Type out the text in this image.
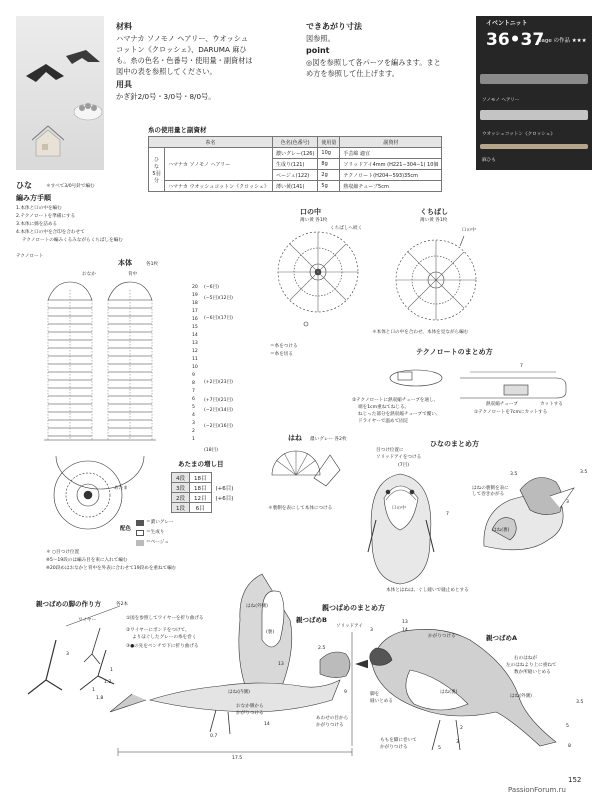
材料
ハマナカ ソノモノ ヘアリー、ウオッシュ
コットン《クロッシェ》、DARUMA 麻ひ
も。糸の色名・色番号・使用量・副資材は
図中の表を参照してください。
用具
かぎ針2/0号・3/0号・8/0号。
できあがり寸法
図参照。
point
◎図を参照して各パーツを編みます。まと
め方を参照して仕上げます。
イベントニット
36•37
page の作品 ★★★
ソノモノ ヘアリー
ウオッシュコットン《クロッシェ》
麻ひも
糸の使用量と副資材
糸名		色名(色番号)	使用量	副資材
ひな 5羽分	ハマナカ ソノモノ ヘアリー	濃いグレー(126)	10g	手芸綿 適宜
		生成り(121)	8g	ソリッドアイ4mm (H221−304−1) 10個
		ベージュ(122)	2g	テクノロート(H204−593)35cm
	ハマナカ ウオッシュコットン《クロッシェ》	薄い黄(141)	5g	熱収縮チューブ5cm
ひな	＊すべて3/0号針で編む
編み方手順
1.本体と口の中を編む
2.テクノロートを準備にする
3.本体に綿を詰める
4.本体と口の中を合印を合わせて
テクノロートの編みくるみながらくちばしを編む
テクノロート
本体	各1枚
おなか	背中
あたま
(−6目)
(−5目)(12目)
(−6目)(17目)
(+2目)(23目)
(+7目)(21目)
(−2目)(14目)
(−2目)(16目)
(18目)
20
19
18
17
16
15
14
13
12
11
10
9
8
7
6
5
4
3
2
1
あたまの増し目
4段	18目	
3段	18目	(+6目)
2段	12目	(+6目)
1段	6目	
配色
＝濃いグレー
＝生成り
＝ベージュ
＊ ○目つけ位置
※5〜19段のは編み目を束に入れて編む
※20段めはおなかと背中を外表に合わせて19段めを重ねて編む
口の中
薄い黄 各1枚
くちばしへ続く
＝糸をつける
＝糸を切る
くちばし
薄い黄 各1枚
口の中
＊本体と口の中を合わせ、本体を見ながら編む
はね 濃いグレー 各2枚
＊裏側を表にして本体につける
テクノロートのまとめ方
7
②テクノロートに熱収縮チューブを通し、
端を1cm重ねてねじる。
ねじった部分を熱収縮チューブで覆い、
ドライヤーで温めて固定
熱収縮チューブ	カットする
①テクノロートを7cmにカットする
ひなのまとめ方
目つけ位置に
ソリッドアイをつける
(7目)
口の中
はね(裏)
はねの裏側を表にして巻きかがる
7
3.5
3
3.5
本体とはねは、ぐし縫いで縫止めとする
親つばめの脚の作り方	各2本
ワイヤー	①図を参照してワイヤーを折り曲げる
②ワイヤーにボンドをつけて、
よりほぐしたグレーの糸を巻く
③●の先をペンチで下に折り曲げる
3
1
1.2
1
1.8
親つばめのまとめ方
親つばめB
親つばめA
ソリッドアイ
かがりつける
はね(外側)
はね(内側)
はね(外側)
はね(裏)
(裏)
おなか側から
かがりつける
あわせの目から
かがりつける
脚を
縫いとめる
右のはねが
左のはねより上に重ねて
数か所縫いとめる
ももを脚に巻いて
かがりつける
2.5
13
14
9
0.7
17.5
3
13
14
8
3.5
5
5
3
2
152
PassionForum.ru
